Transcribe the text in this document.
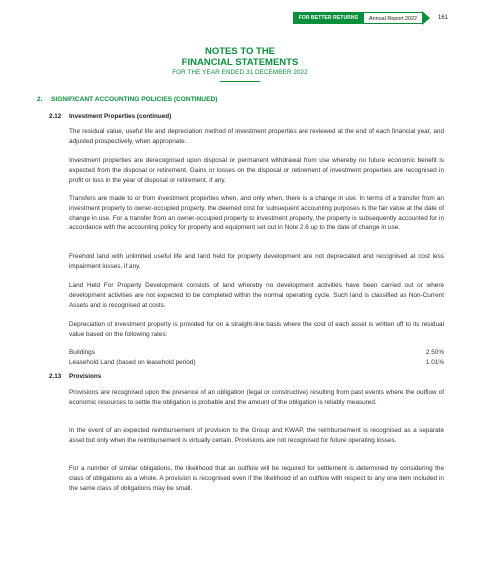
FOR BETTER RETURNS	Annual Report 2022	161
NOTES TO THE
FINANCIAL STATEMENTS
FOR THE YEAR ENDED 31 DECEMBER 2022
2. SIGNIFICANT ACCOUNTING POLICIES (CONTINUED)
2.12 Investment Properties (continued)
The residual value, useful life and depreciation method of investment properties are reviewed at the end of each financial year, and adjusted prospectively, when appropriate.
Investment properties are derecognised upon disposal or permanent withdrawal from use whereby no future economic benefit is expected from the disposal or retirement. Gains or losses on the disposal or retirement of investment properties are recognised in profit or loss in the year of disposal or retirement, if any.
Transfers are made to or from investment properties when, and only when, there is a change in use. In terms of a transfer from an investment property to owner-occupied property, the deemed cost for subsequent accounting purposes is the fair value at the date of change in use. For a transfer from an owner-occupied property to investment property, the property is subsequently accounted for in accordance with the accounting policy for property and equipment set out in Note 2.6 up to the date of change in use.
Freehold land with unlimited useful life and land held for property development are not depreciated and recognised at cost less impairment losses, if any.
Land Held For Property Development consists of land whereby no development activities have been carried out or where development activities are not expected to be completed within the normal operating cycle. Such land is classified as Non-Current Assets and is recognised at costs.
Depreciation of investment property is provided for on a straight-line basis where the cost of each asset is written off to its residual value based on the following rates:
Buildings	2.50%
Leasehold Land (based on leasehold period)	1.01%
2.13 Provisions
Provisions are recognised upon the presence of an obligation (legal or constructive) resulting from past events where the outflow of economic resources to settle the obligation is probable and the amount of the obligation is reliably measured.
In the event of an expected reimbursement of provision to the Group and KWAP, the reimbursement is recognised as a separate asset but only when the reimbursement is virtually certain. Provisions are not recognised for future operating losses.
For a number of similar obligations, the likelihood that an outflow will be required for settlement is determined by considering the class of obligations as a whole. A provision is recognised even if the likelihood of an outflow with respect to any one item included in the same class of obligations may be small.
